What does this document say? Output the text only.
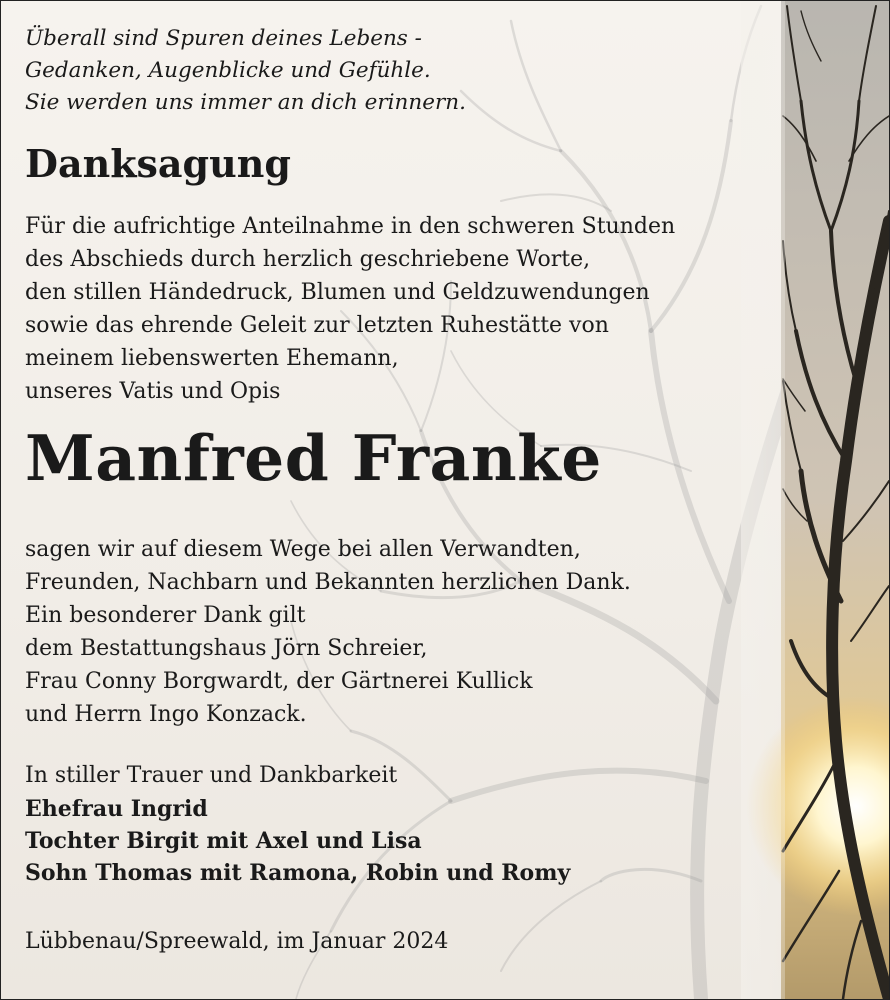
Überall sind Spuren deines Lebens -
Gedanken, Augenblicke und Gefühle.
Sie werden uns immer an dich erinnern.
Danksagung
Für die aufrichtige Anteilnahme in den schweren Stunden
des Abschieds durch herzlich geschriebene Worte,
den stillen Händedruck, Blumen und Geldzuwendungen
sowie das ehrende Geleit zur letzten Ruhestätte von
meinem liebenswerten Ehemann,
unseres Vatis und Opis
Manfred Franke
sagen wir auf diesem Wege bei allen Verwandten,
Freunden, Nachbarn und Bekannten herzlichen Dank.
Ein besonderer Dank gilt
dem Bestattungshaus Jörn Schreier,
Frau Conny Borgwardt, der Gärtnerei Kullick
und Herrn Ingo Konzack.
In stiller Trauer und Dankbarkeit
Ehefrau Ingrid
Tochter Birgit mit Axel und Lisa
Sohn Thomas mit Ramona, Robin und Romy
Lübbenau/Spreewald, im Januar 2024
